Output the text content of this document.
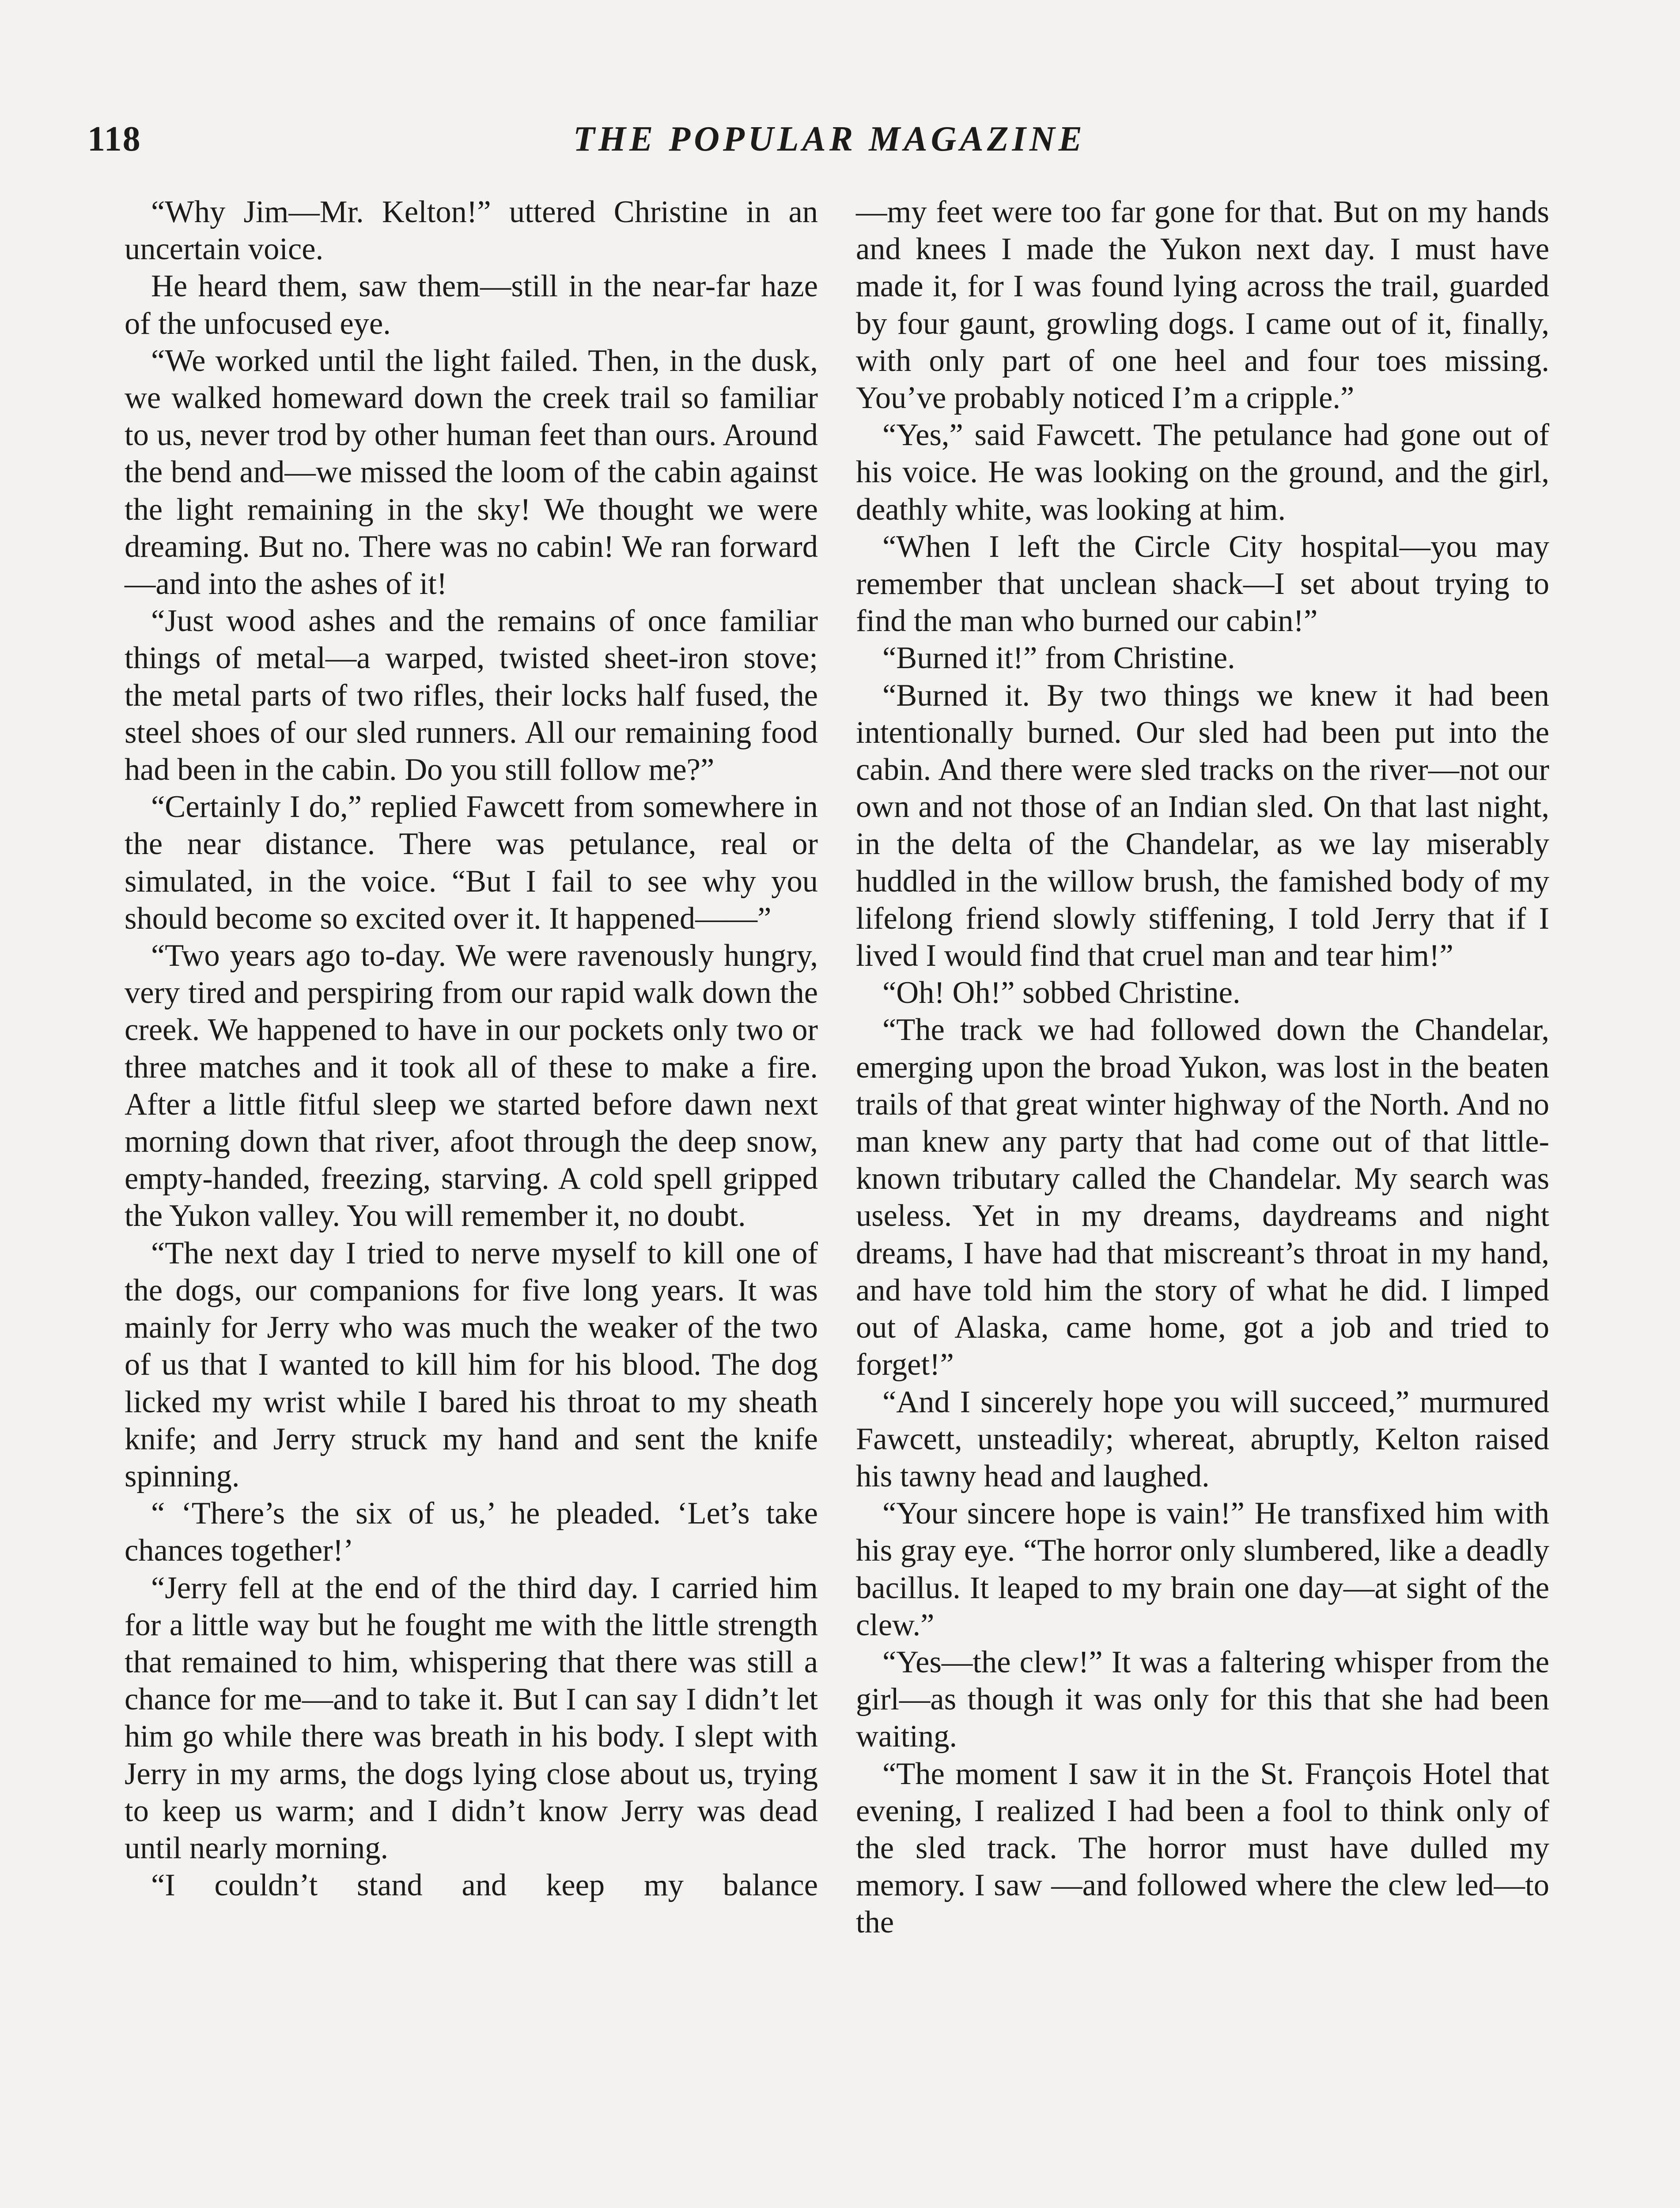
118	THE POPULAR MAGAZINE

“Why Jim—Mr. Kelton!” uttered Christine in an uncertain voice.

He heard them, saw them—still in the near-far haze of the unfocused eye.

“We worked until the light failed. Then, in the dusk, we walked homeward down the creek trail so familiar to us, never trod by other human feet than ours. Around the bend and—we missed the loom of the cabin against the light remaining in the sky! We thought we were dreaming. But no. There was no cabin! We ran forward—and into the ashes of it!

“Just wood ashes and the remains of once familiar things of metal—a warped, twisted sheet-iron stove; the metal parts of two rifles, their locks half fused, the steel shoes of our sled runners. All our remaining food had been in the cabin. Do you still follow me?”

“Certainly I do,” replied Fawcett from somewhere in the near distance. There was petulance, real or simulated, in the voice. “But I fail to see why you should become so excited over it. It happened——”

“Two years ago to-day. We were ravenously hungry, very tired and perspiring from our rapid walk down the creek. We happened to have in our pockets only two or three matches and it took all of these to make a fire. After a little fitful sleep we started before dawn next morning down that river, afoot through the deep snow, empty-handed, freezing, starving. A cold spell gripped the Yukon valley. You will remember it, no doubt.

“The next day I tried to nerve myself to kill one of the dogs, our companions for five long years. It was mainly for Jerry who was much the weaker of the two of us that I wanted to kill him for his blood. The dog licked my wrist while I bared his throat to my sheath knife; and Jerry struck my hand and sent the knife spinning.

“ ‘There’s the six of us,’ he pleaded. ‘Let’s take chances together!’

“Jerry fell at the end of the third day. I carried him for a little way but he fought me with the little strength that remained to him, whispering that there was still a chance for me—and to take it. But I can say I didn’t let him go while there was breath in his body. I slept with Jerry in my arms, the dogs lying close about us, trying to keep us warm; and I didn’t know Jerry was dead until nearly morning.

“I couldn’t stand and keep my balance

—my feet were too far gone for that. But on my hands and knees I made the Yukon next day. I must have made it, for I was found lying across the trail, guarded by four gaunt, growling dogs. I came out of it, finally, with only part of one heel and four toes missing. You’ve probably noticed I’m a cripple.”

“Yes,” said Fawcett. The petulance had gone out of his voice. He was looking on the ground, and the girl, deathly white, was looking at him.

“When I left the Circle City hospital—you may remember that unclean shack—I set about trying to find the man who burned our cabin!”

“Burned it!” from Christine.

“Burned it. By two things we knew it had been intentionally burned. Our sled had been put into the cabin. And there were sled tracks on the river—not our own and not those of an Indian sled. On that last night, in the delta of the Chandelar, as we lay miserably huddled in the willow brush, the famished body of my lifelong friend slowly stiffening, I told Jerry that if I lived I would find that cruel man and tear him!”

“Oh! Oh!” sobbed Christine.

“The track we had followed down the Chandelar, emerging upon the broad Yukon, was lost in the beaten trails of that great winter highway of the North. And no man knew any party that had come out of that little-known tributary called the Chandelar. My search was useless. Yet in my dreams, daydreams and night dreams, I have had that miscreant’s throat in my hand, and have told him the story of what he did. I limped out of Alaska, came home, got a job and tried to forget!”

“And I sincerely hope you will succeed,” murmured Fawcett, unsteadily; whereat, abruptly, Kelton raised his tawny head and laughed.

“Your sincere hope is vain!” He transfixed him with his gray eye. “The horror only slumbered, like a deadly bacillus. It leaped to my brain one day—at sight of the clew.”

“Yes—the clew!” It was a faltering whisper from the girl—as though it was only for this that she had been waiting.

“The moment I saw it in the St. François Hotel that evening, I realized I had been a fool to think only of the sled track. The horror must have dulled my memory. I saw —and followed where the clew led—to the
